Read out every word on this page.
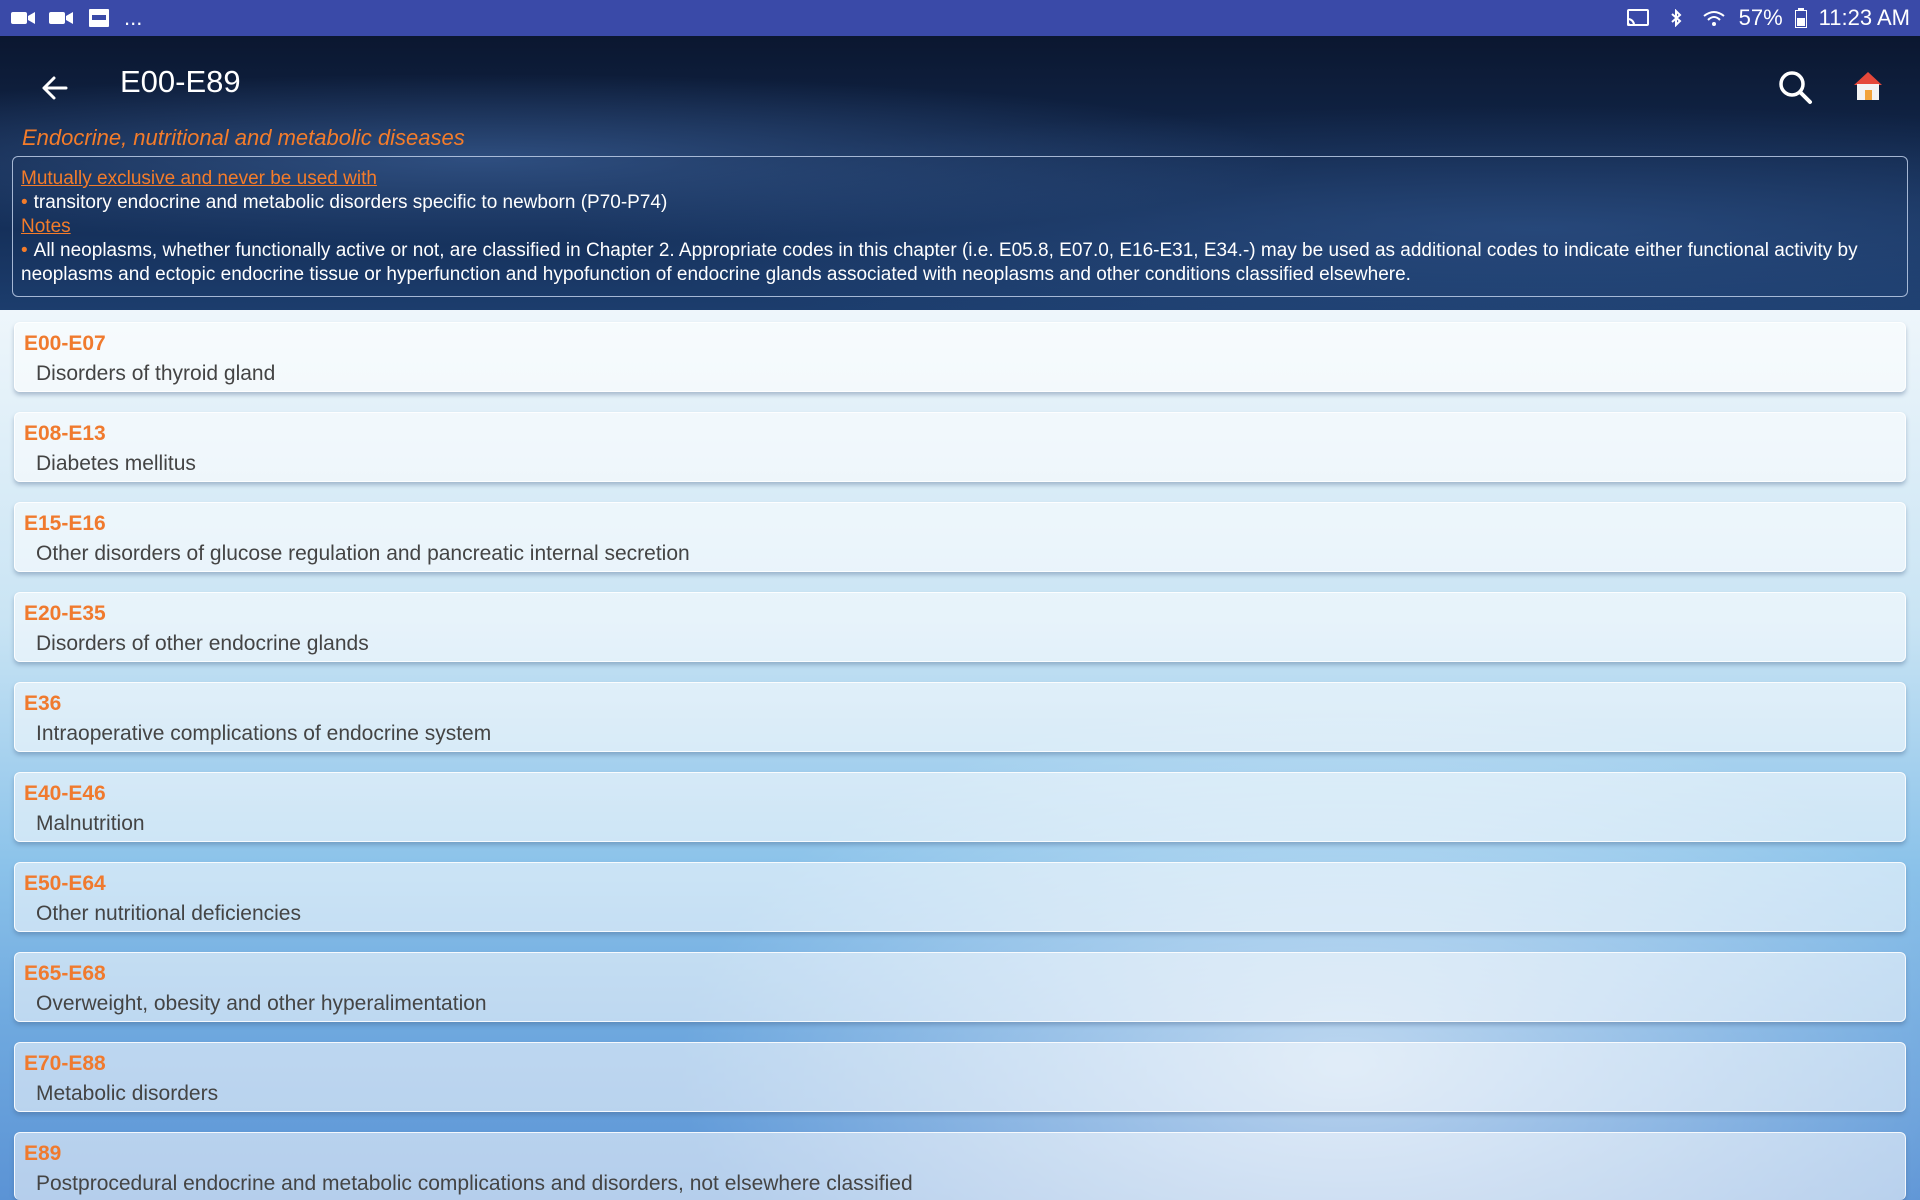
...	57% 11:23 AM
E00-E89
Endocrine, nutritional and metabolic diseases
Mutually exclusive and never be used with
• transitory endocrine and metabolic disorders specific to newborn (P70-P74)
Notes
• All neoplasms, whether functionally active or not, are classified in Chapter 2. Appropriate codes in this chapter (i.e. E05.8, E07.0, E16-E31, E34.-) may be used as additional codes to indicate either functional activity by neoplasms and ectopic endocrine tissue or hyperfunction and hypofunction of endocrine glands associated with neoplasms and other conditions classified elsewhere.
E00-E07
Disorders of thyroid gland
E08-E13
Diabetes mellitus
E15-E16
Other disorders of glucose regulation and pancreatic internal secretion
E20-E35
Disorders of other endocrine glands
E36
Intraoperative complications of endocrine system
E40-E46
Malnutrition
E50-E64
Other nutritional deficiencies
E65-E68
Overweight, obesity and other hyperalimentation
E70-E88
Metabolic disorders
E89
Postprocedural endocrine and metabolic complications and disorders, not elsewhere classified
